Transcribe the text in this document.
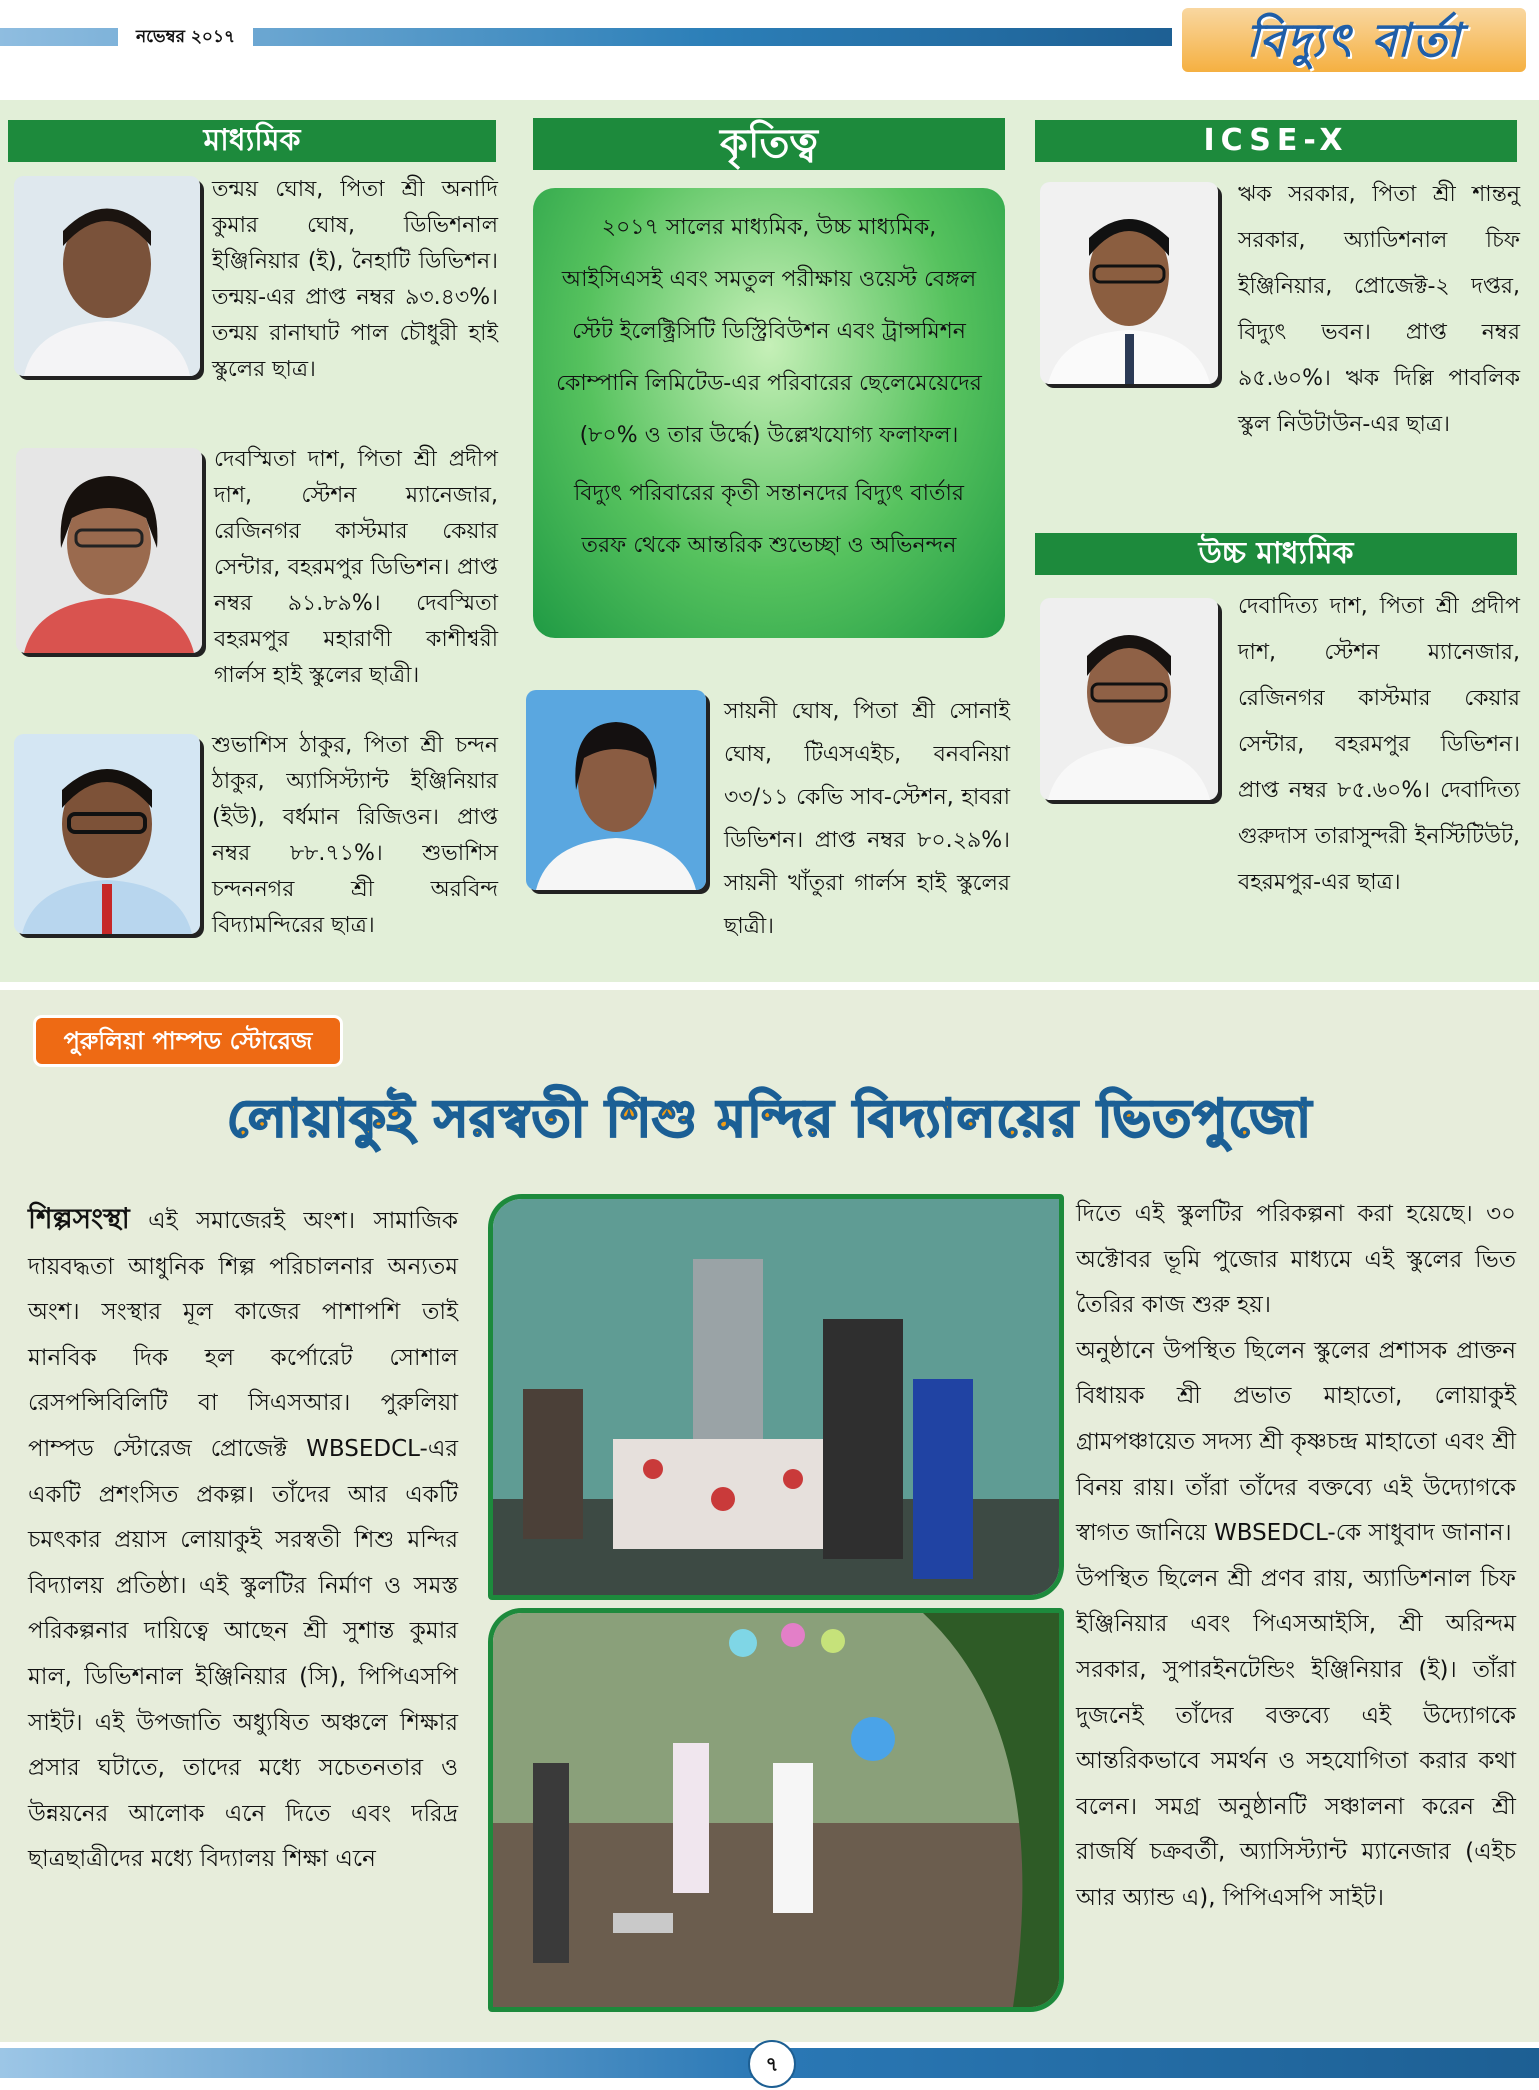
নভেম্বর ২০১৭	বিদ্যুৎ বার্তা
মাধ্যমিক	কৃতিত্ব	ICSE-X
উচ্চ মাধ্যমিক
২০১৭ সালের মাধ্যমিক, উচ্চ মাধ্যমিক, আইসিএসই এবং সমতুল পরীক্ষায় ওয়েস্ট বেঙ্গল স্টেট ইলেক্ট্রিসিটি ডিস্ট্রিবিউশন এবং ট্রান্সমিশন কোম্পানি লিমিটেড-এর পরিবারের ছেলেমেয়েদের (৮০% ও তার উর্দ্ধে) উল্লেখযোগ্য ফলাফল।
বিদ্যুৎ পরিবারের কৃতী সন্তানদের বিদ্যুৎ বার্তার তরফ থেকে আন্তরিক শুভেচ্ছা ও অভিনন্দন
তন্ময় ঘোষ, পিতা শ্রী অনাদি কুমার ঘোষ, ডিভিশনাল ইঞ্জিনিয়ার (ই), নৈহাটি ডিভিশন। তন্ময়-এর প্রাপ্ত নম্বর ৯৩.৪৩%। তন্ময় রানাঘাট পাল চৌধুরী হাই স্কুলের ছাত্র।
দেবস্মিতা দাশ, পিতা শ্রী প্রদীপ দাশ, স্টেশন ম্যানেজার, রেজিনগর কাস্টমার কেয়ার সেন্টার, বহরমপুর ডিভিশন। প্রাপ্ত নম্বর ৯১.৮৯%। দেবস্মিতা বহরমপুর মহারাণী কাশীশ্বরী গার্লস হাই স্কুলের ছাত্রী।
শুভাশিস ঠাকুর, পিতা শ্রী চন্দন ঠাকুর, অ্যাসিস্ট্যান্ট ইঞ্জিনিয়ার (ইউ), বর্ধমান রিজিওন। প্রাপ্ত নম্বর ৮৮.৭১%। শুভাশিস চন্দননগর শ্রী অরবিন্দ বিদ্যামন্দিরের ছাত্র।
সায়নী ঘোষ, পিতা শ্রী সোনাই ঘোষ, টিএসএইচ, বনবনিয়া ৩৩/১১ কেভি সাব-স্টেশন, হাবরা ডিভিশন। প্রাপ্ত নম্বর ৮০.২৯%। সায়নী খাঁতুরা গার্লস হাই স্কুলের ছাত্রী।
ঋক সরকার, পিতা শ্রী শান্তনু সরকার, অ্যাডিশনাল চিফ ইঞ্জিনিয়ার, প্রোজেক্ট-২ দপ্তর, বিদ্যুৎ ভবন। প্রাপ্ত নম্বর ৯৫.৬০%। ঋক দিল্লি পাবলিক স্কুল নিউটাউন-এর ছাত্র।
দেবাদিত্য দাশ, পিতা শ্রী প্রদীপ দাশ, স্টেশন ম্যানেজার, রেজিনগর কাস্টমার কেয়ার সেন্টার, বহরমপুর ডিভিশন। প্রাপ্ত নম্বর ৮৫.৬০%। দেবাদিত্য গুরুদাস তারাসুন্দরী ইনস্টিটিউট, বহরমপুর-এর ছাত্র।
পুরুলিয়া পাম্পড স্টোরেজ
লোয়াকুই সরস্বতী শিশু মন্দির বিদ্যালয়ের ভিতপুজো

শিল্পসংস্থা এই সমাজেরই অংশ। সামাজিক দায়বদ্ধতা আধুনিক শিল্প পরিচালনার অন্যতম অংশ। সংস্থার মূল কাজের পাশাপশি তাই মানবিক দিক হল কর্পোরেট সোশাল রেসপন্সিবিলিটি বা সিএসআর। পুরুলিয়া পাম্পড স্টোরেজ প্রোজেক্ট WBSEDCL-এর একটি প্রশংসিত প্রকল্প। তাঁদের আর একটি চমৎকার প্রয়াস লোয়াকুই সরস্বতী শিশু মন্দির বিদ্যালয় প্রতিষ্ঠা। এই স্কুলটির নির্মাণ ও সমস্ত পরিকল্পনার দায়িত্বে আছেন শ্রী সুশান্ত কুমার মাল, ডিভিশনাল ইঞ্জিনিয়ার (সি), পিপিএসপি সাইট। এই উপজাতি অধ্যুষিত অঞ্চলে শিক্ষার প্রসার ঘটাতে, তাদের মধ্যে সচেতনতার ও উন্নয়নের আলোক এনে দিতে এবং দরিদ্র ছাত্রছাত্রীদের মধ্যে বিদ্যালয় শিক্ষা এনে

দিতে এই স্কুলটির পরিকল্পনা করা হয়েছে। ৩০ অক্টোবর ভূমি পুজোর মাধ্যমে এই স্কুলের ভিত তৈরির কাজ শুরু হয়।

অনুষ্ঠানে উপস্থিত ছিলেন স্কুলের প্রশাসক প্রাক্তন বিধায়ক শ্রী প্রভাত মাহাতো, লোয়াকুই গ্রামপঞ্চায়েত সদস্য শ্রী কৃষ্ণচন্দ্র মাহাতো এবং শ্রী বিনয় রায়। তাঁরা তাঁদের বক্তব্যে এই উদ্যোগকে স্বাগত জানিয়ে WBSEDCL-কে সাধুবাদ জানান।

উপস্থিত ছিলেন শ্রী প্রণব রায়, অ্যাডিশনাল চিফ ইঞ্জিনিয়ার এবং পিএসআইসি, শ্রী অরিন্দম সরকার, সুপারইনটেন্ডিং ইঞ্জিনিয়ার (ই)। তাঁরা দুজনেই তাঁদের বক্তব্যে এই উদ্যোগকে আন্তরিকভাবে সমর্থন ও সহযোগিতা করার কথা বলেন। সমগ্র অনুষ্ঠানটি সঞ্চালনা করেন শ্রী রাজর্ষি চক্রবর্তী, অ্যাসিস্ট্যান্ট ম্যানেজার (এইচ আর অ্যান্ড এ), পিপিএসপি সাইট।

৭
